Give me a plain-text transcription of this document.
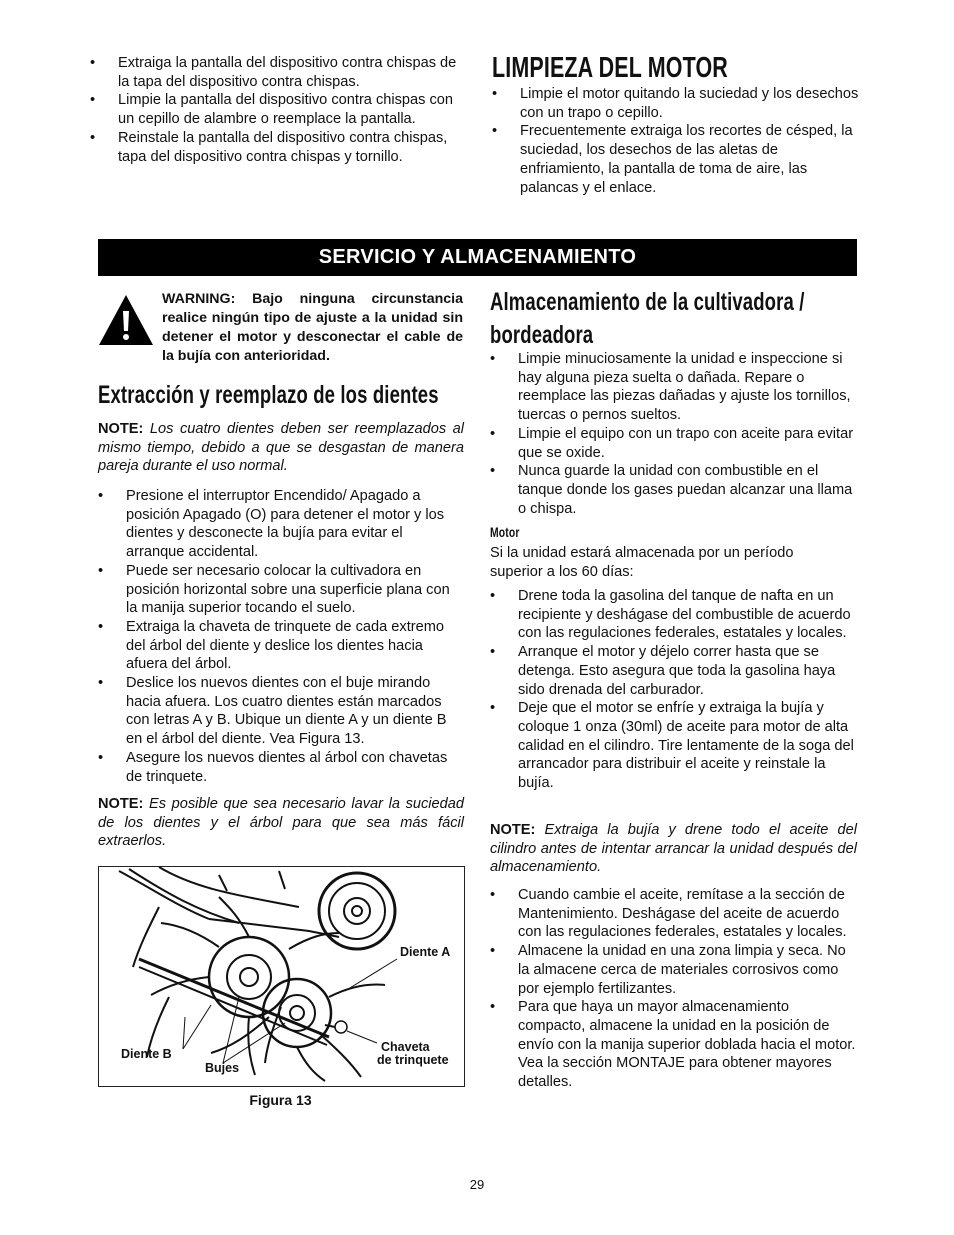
• Extraiga la pantalla del dispositivo contra chispas de la tapa del dispositivo contra chispas.
• Limpie la pantalla del dispositivo contra chispas con un cepillo de alambre o reemplace la pantalla.
• Reinstale la pantalla del dispositivo contra chispas, tapa del dispositivo contra chispas y tornillo.
LIMPIEZA DEL MOTOR
• Limpie el motor quitando la suciedad y los desechos con un trapo o cepillo.
• Frecuentemente extraiga los recortes de césped, la suciedad, los desechos de las aletas de enfriamiento, la pantalla de toma de aire, las palancas y el enlace.
SERVICIO Y ALMACENAMIENTO
WARNING: Bajo ninguna circunstancia realice ningún tipo de ajuste a la unidad sin detener el motor y desconectar el cable de la bujía con anterioridad.
Extracción y reemplazo de los dientes
NOTE: Los cuatro dientes deben ser reemplazados al mismo tiempo, debido a que se desgastan de manera pareja durante el uso normal.
• Presione el interruptor Encendido/ Apagado a posición Apagado (O) para detener el motor y los dientes y desconecte la bujía para evitar el arranque accidental.
• Puede ser necesario colocar la cultivadora en posición horizontal sobre una superficie plana con la manija superior tocando el suelo.
• Extraiga la chaveta de trinquete de cada extremo del árbol del diente y deslice los dientes hacia afuera del árbol.
• Deslice los nuevos dientes con el buje mirando hacia afuera. Los cuatro dientes están marcados con letras A y B. Ubique un diente A y un diente B en el árbol del diente. Vea Figura 13.
• Asegure los nuevos dientes al árbol con chavetas de trinquete.
NOTE: Es posible que sea necesario lavar la suciedad de los dientes y el árbol para que sea más fácil extraerlos.
Diente A
Diente B
Bujes
Chaveta
de trinquete
Figura 13
Almacenamiento de la cultivadora /
bordeadora
• Limpie minuciosamente la unidad e inspeccione si hay alguna pieza suelta o dañada. Repare o reemplace las piezas dañadas y ajuste los tornillos, tuercas o pernos sueltos.
• Limpie el equipo con un trapo con aceite para evitar que se oxide.
• Nunca guarde la unidad con combustible en el tanque donde los gases puedan alcanzar una llama o chispa.
Motor
Si la unidad estará almacenada por un período superior a los 60 días:
• Drene toda la gasolina del tanque de nafta en un recipiente y deshágase del combustible de acuerdo con las regulaciones federales, estatales y locales.
• Arranque el motor y déjelo correr hasta que se detenga. Esto asegura que toda la gasolina haya sido drenada del carburador.
• Deje que el motor se enfríe y extraiga la bujía y coloque 1 onza (30ml) de aceite para motor de alta calidad en el cilindro. Tire lentamente de la soga del arrancador para distribuir el aceite y reinstale la bujía.
NOTE: Extraiga la bujía y drene todo el aceite del cilindro antes de intentar arrancar la unidad después del almacenamiento.
• Cuando cambie el aceite, remítase a la sección de Mantenimiento. Deshágase del aceite de acuerdo con las regulaciones federales, estatales y locales.
• Almacene la unidad en una zona limpia y seca. No la almacene cerca de materiales corrosivos como por ejemplo fertilizantes.
• Para que haya un mayor almacenamiento compacto, almacene la unidad en la posición de envío con la manija superior doblada hacia el motor. Vea la sección MONTAJE para obtener mayores detalles.
29
